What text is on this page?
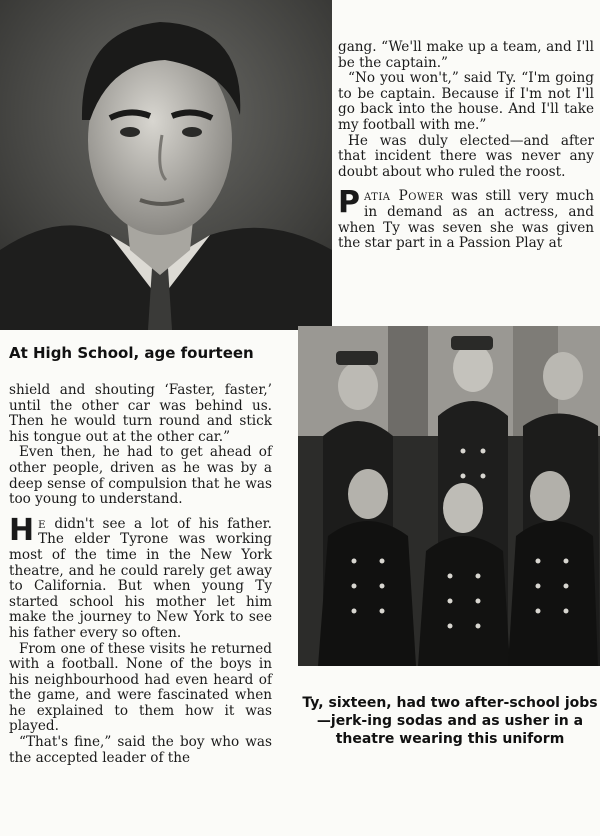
gang. “We'll make up a team, and I'll be the captain.”

“No you won't,” said Ty. “I'm going to be captain. Because if I'm not I'll go back into the house. And I'll take my football with me.”

He was duly elected—and after that incident there was never any doubt about who ruled the roost.

Patia Power was still very much in demand as an actress, and when Ty was seven she was given the star part in a Passion Play at

At High School, age fourteen

shield and shouting ‘Faster, faster,’ until the other car was behind us. Then he would turn round and stick his tongue out at the other car.”

Even then, he had to get ahead of other people, driven as he was by a deep sense of compulsion that he was too young to understand.

He didn't see a lot of his father. The elder Tyrone was working most of the time in the New York theatre, and he could rarely get away to California. But when young Ty started school his mother let him make the journey to New York to see his father every so often.

From one of these visits he returned with a football. None of the boys in his neighbourhood had even heard of the game, and were fascinated when he explained to them how it was played.

“That's fine,” said the boy who was the accepted leader of the

Ty, sixteen, had two after-school jobs—jerk-ing sodas and as usher in a theatre wearing this uniform
